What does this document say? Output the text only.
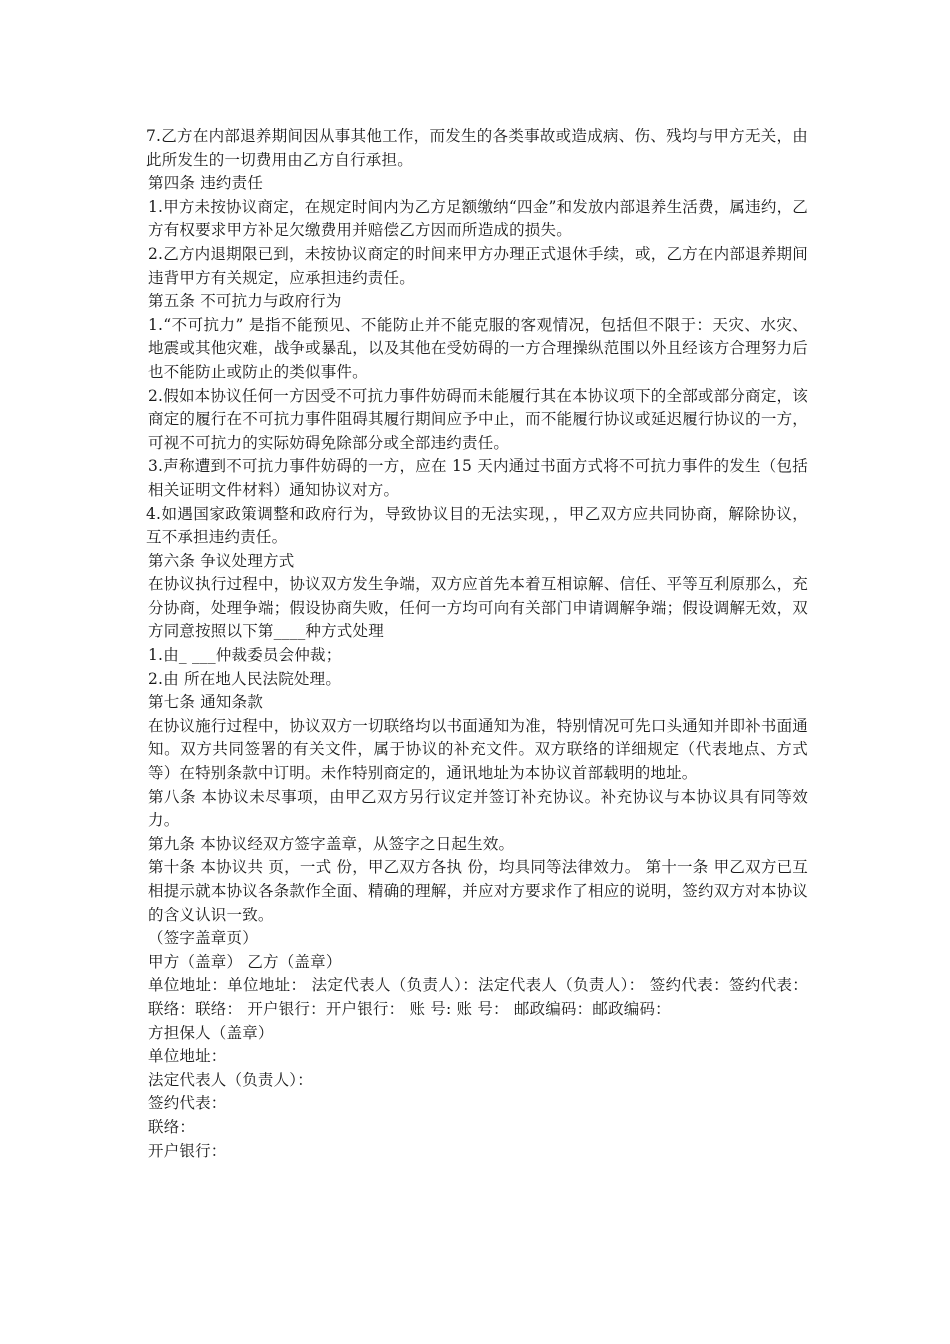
7.乙方在内部退养期间因从事其他工作，而发生的各类事故或造成病、伤、残均与甲方无关，由此所发生的一切费用由乙方自行承担。

第四条 违约责任

1.甲方未按协议商定，在规定时间内为乙方足额缴纳“四金”和发放内部退养生活费，属违约，乙方有权要求甲方补足欠缴费用并赔偿乙方因而所造成的损失。

2.乙方内退期限已到，未按协议商定的时间来甲方办理正式退休手续，或，乙方在内部退养期间违背甲方有关规定，应承担违约责任。

第五条 不可抗力与政府行为

1.“不可抗力” 是指不能预见、不能防止并不能克服的客观情况，包括但不限于：天灾、水灾、地震或其他灾难，战争或暴乱，以及其他在受妨碍的一方合理操纵范围以外且经该方合理努力后也不能防止或防止的类似事件。

2.假如本协议任何一方因受不可抗力事件妨碍而未能履行其在本协议项下的全部或部分商定，该商定的履行在不可抗力事件阻碍其履行期间应予中止，而不能履行协议或延迟履行协议的一方，可视不可抗力的实际妨碍免除部分或全部违约责任。

3.声称遭到不可抗力事件妨碍的一方，应在 15 天内通过书面方式将不可抗力事件的发生（包括相关证明文件材料）通知协议对方。

4.如遇国家政策调整和政府行为，导致协议目的无法实现，，甲乙双方应共同协商，解除协议，互不承担违约责任。

第六条 争议处理方式

在协议执行过程中，协议双方发生争端，双方应首先本着互相谅解、信任、平等互利原那么，充分协商，处理争端；假设协商失败，任何一方均可向有关部门申请调解争端；假设调解无效，双方同意按照以下第____种方式处理

1.由_ ___仲裁委员会仲裁；

2.由 所在地人民法院处理。

第七条 通知条款

在协议施行过程中，协议双方一切联络均以书面通知为准，特别情况可先口头通知并即补书面通知。双方共同签署的有关文件，属于协议的补充文件。双方联络的详细规定（代表地点、方式等）在特别条款中订明。未作特别商定的，通讯地址为本协议首部载明的地址。

第八条 本协议未尽事项，由甲乙双方另行议定并签订补充协议。补充协议与本协议具有同等效力。

第九条 本协议经双方签字盖章，从签字之日起生效。

第十条 本协议共 页，一式 份，甲乙双方各执 份，均具同等法律效力。 第十一条 甲乙双方已互相提示就本协议各条款作全面、精确的理解，并应对方要求作了相应的说明，签约双方对本协议的含义认识一致。

（签字盖章页）

甲方（盖章） 乙方（盖章）

单位地址：单位地址： 法定代表人（负责人）：法定代表人（负责人）： 签约代表：签约代表： 联络：联络： 开户银行：开户银行： 账 号: 账 号： 邮政编码：邮政编码：

方担保人（盖章）

单位地址：

法定代表人（负责人）：

签约代表：

联络：

开户银行：
